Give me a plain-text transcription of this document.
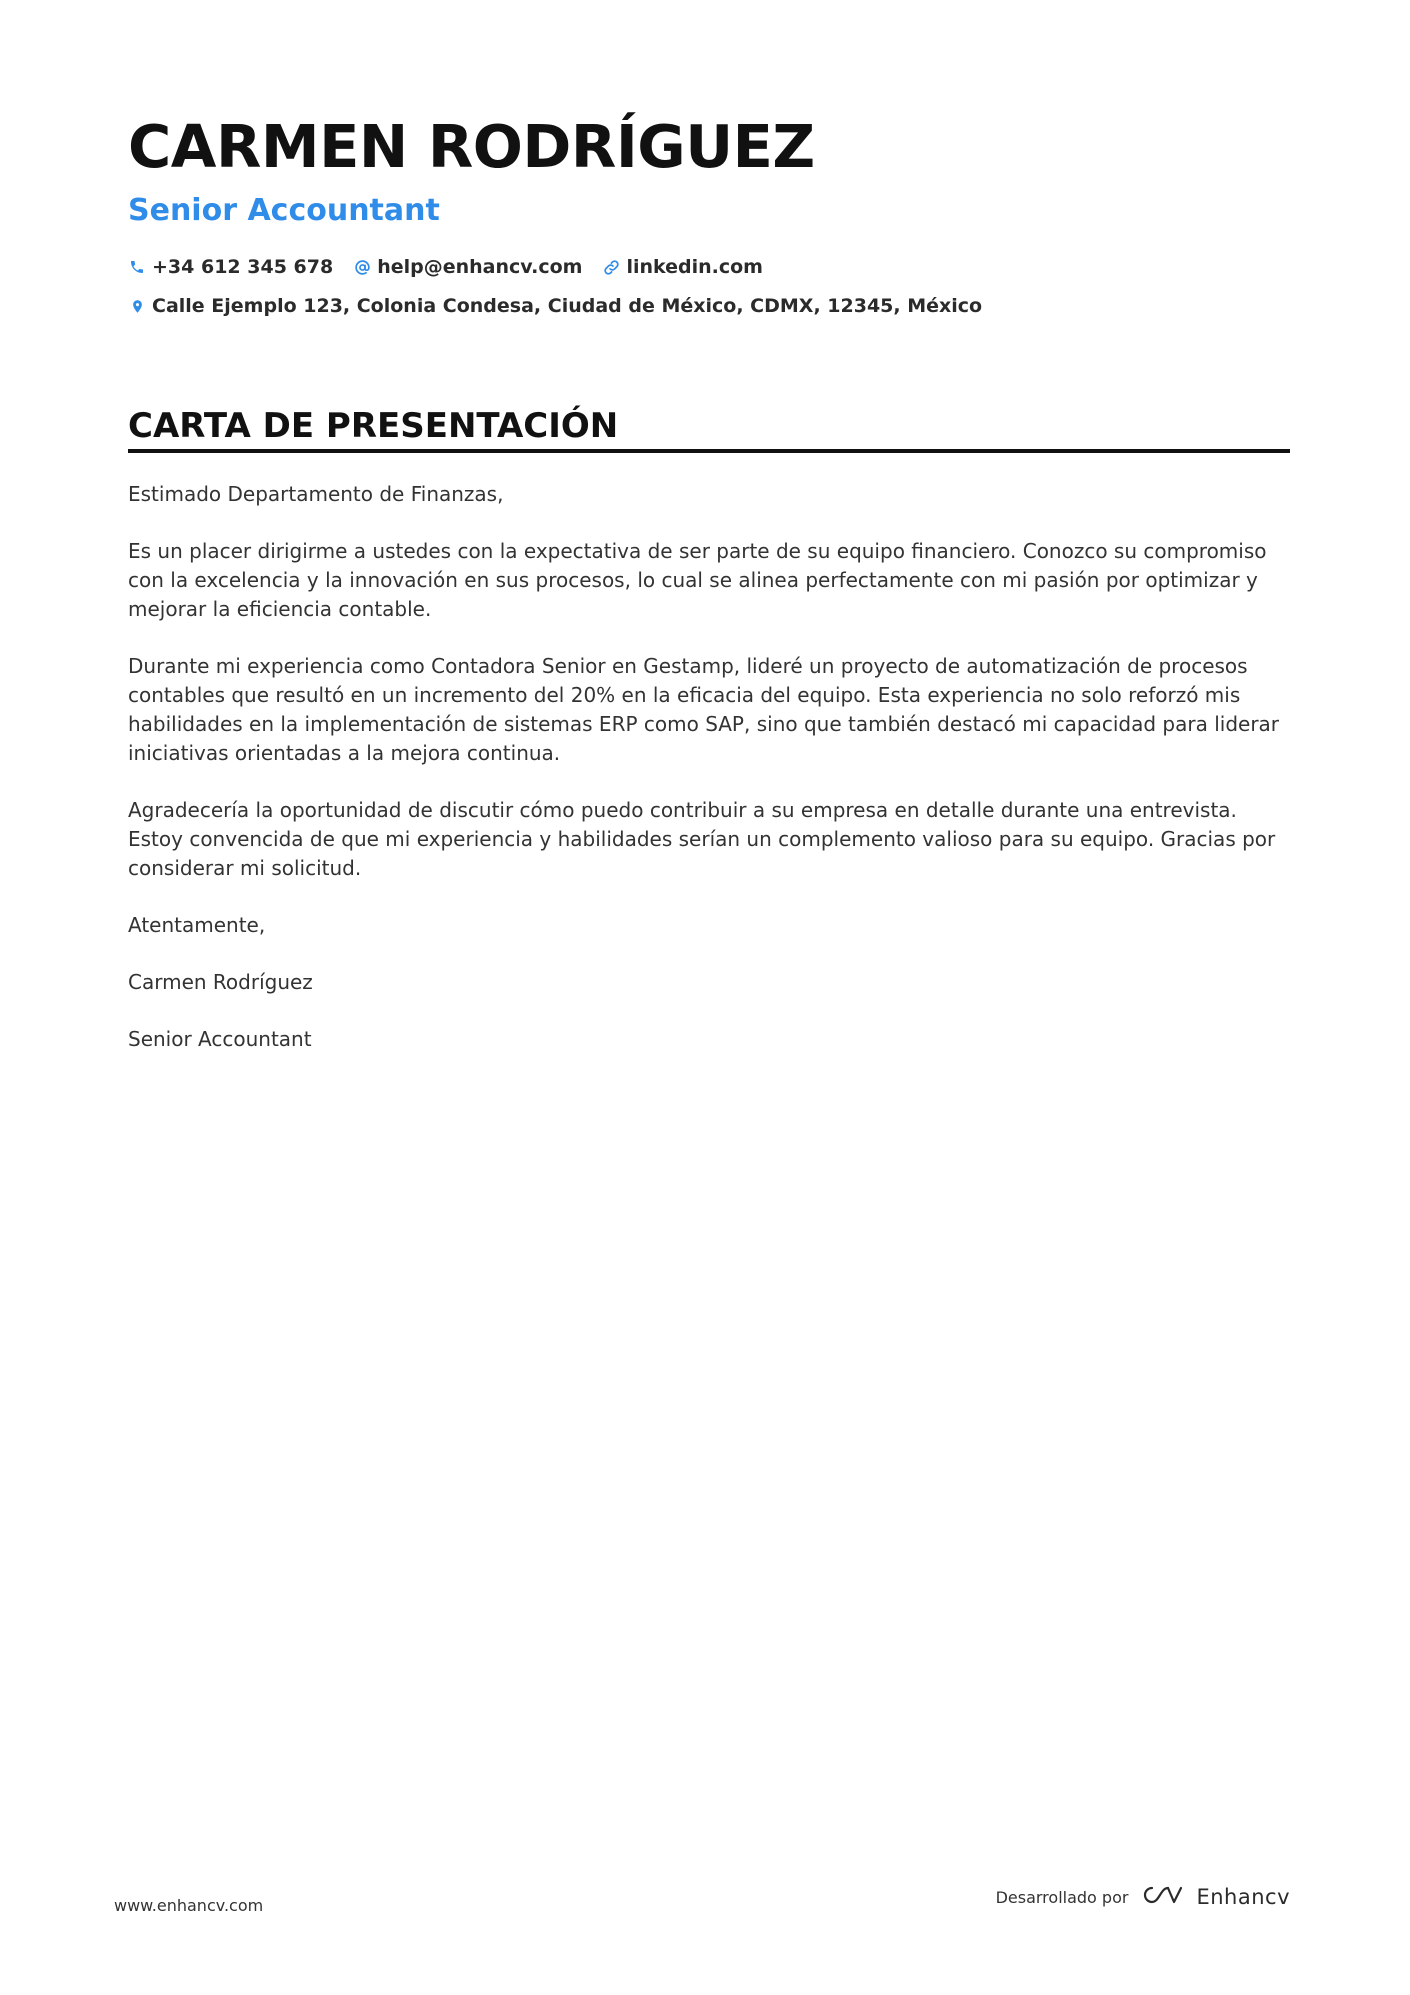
CARMEN RODRÍGUEZ
Senior Accountant
+34 612 345 678 help@enhancv.com linkedin.com
Calle Ejemplo 123, Colonia Condesa, Ciudad de México, CDMX, 12345, México
CARTA DE PRESENTACIÓN

Estimado Departamento de Finanzas,

Es un placer dirigirme a ustedes con la expectativa de ser parte de su equipo financiero. Conozco su compromiso con la excelencia y la innovación en sus procesos, lo cual se alinea perfectamente con mi pasión por optimizar y mejorar la eficiencia contable.

Durante mi experiencia como Contadora Senior en Gestamp, lideré un proyecto de automatización de procesos contables que resultó en un incremento del 20% en la eficacia del equipo. Esta experiencia no solo reforzó mis habilidades en la implementación de sistemas ERP como SAP, sino que también destacó mi capacidad para liderar iniciativas orientadas a la mejora continua.

Agradecería la oportunidad de discutir cómo puedo contribuir a su empresa en detalle durante una entrevista. Estoy convencida de que mi experiencia y habilidades serían un complemento valioso para su equipo. Gracias por considerar mi solicitud.

Atentamente,

Carmen Rodríguez

Senior Accountant

www.enhancv.com	Desarrollado por	Enhancv
